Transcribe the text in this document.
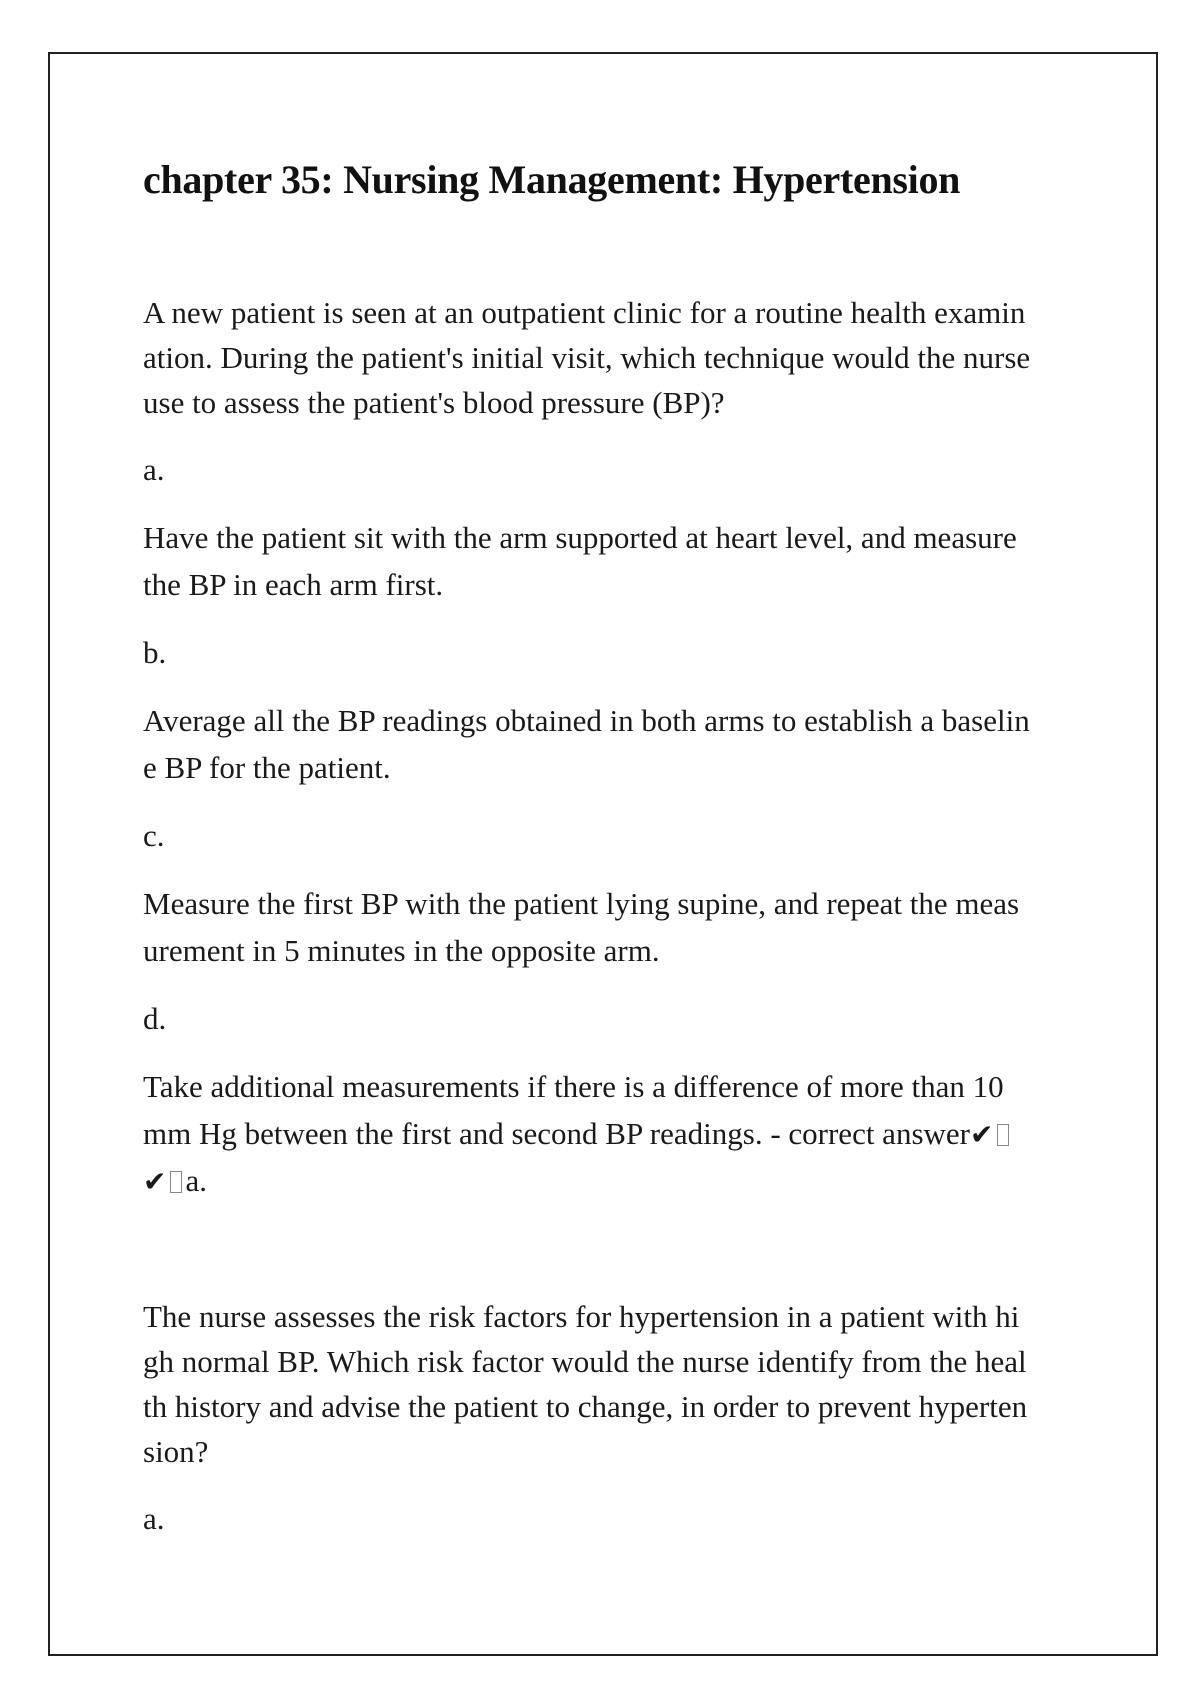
chapter 35: Nursing Management: Hypertension

A new patient is seen at an outpatient clinic for a routine health examin
ation. During the patient's initial visit, which technique would the nurse
use to assess the patient's blood pressure (BP)?

a.

Have the patient sit with the arm supported at heart level, and measure
the BP in each arm first.

b.

Average all the BP readings obtained in both arms to establish a baselin
e BP for the patient.

c.

Measure the first BP with the patient lying supine, and repeat the meas
urement in 5 minutes in the opposite arm.

d.

Take additional measurements if there is a difference of more than 10
mm Hg between the first and second BP readings. - correct answer✔
✔ a.

The nurse assesses the risk factors for hypertension in a patient with hi
gh normal BP. Which risk factor would the nurse identify from the heal
th history and advise the patient to change, in order to prevent hyperten
sion?

a.
